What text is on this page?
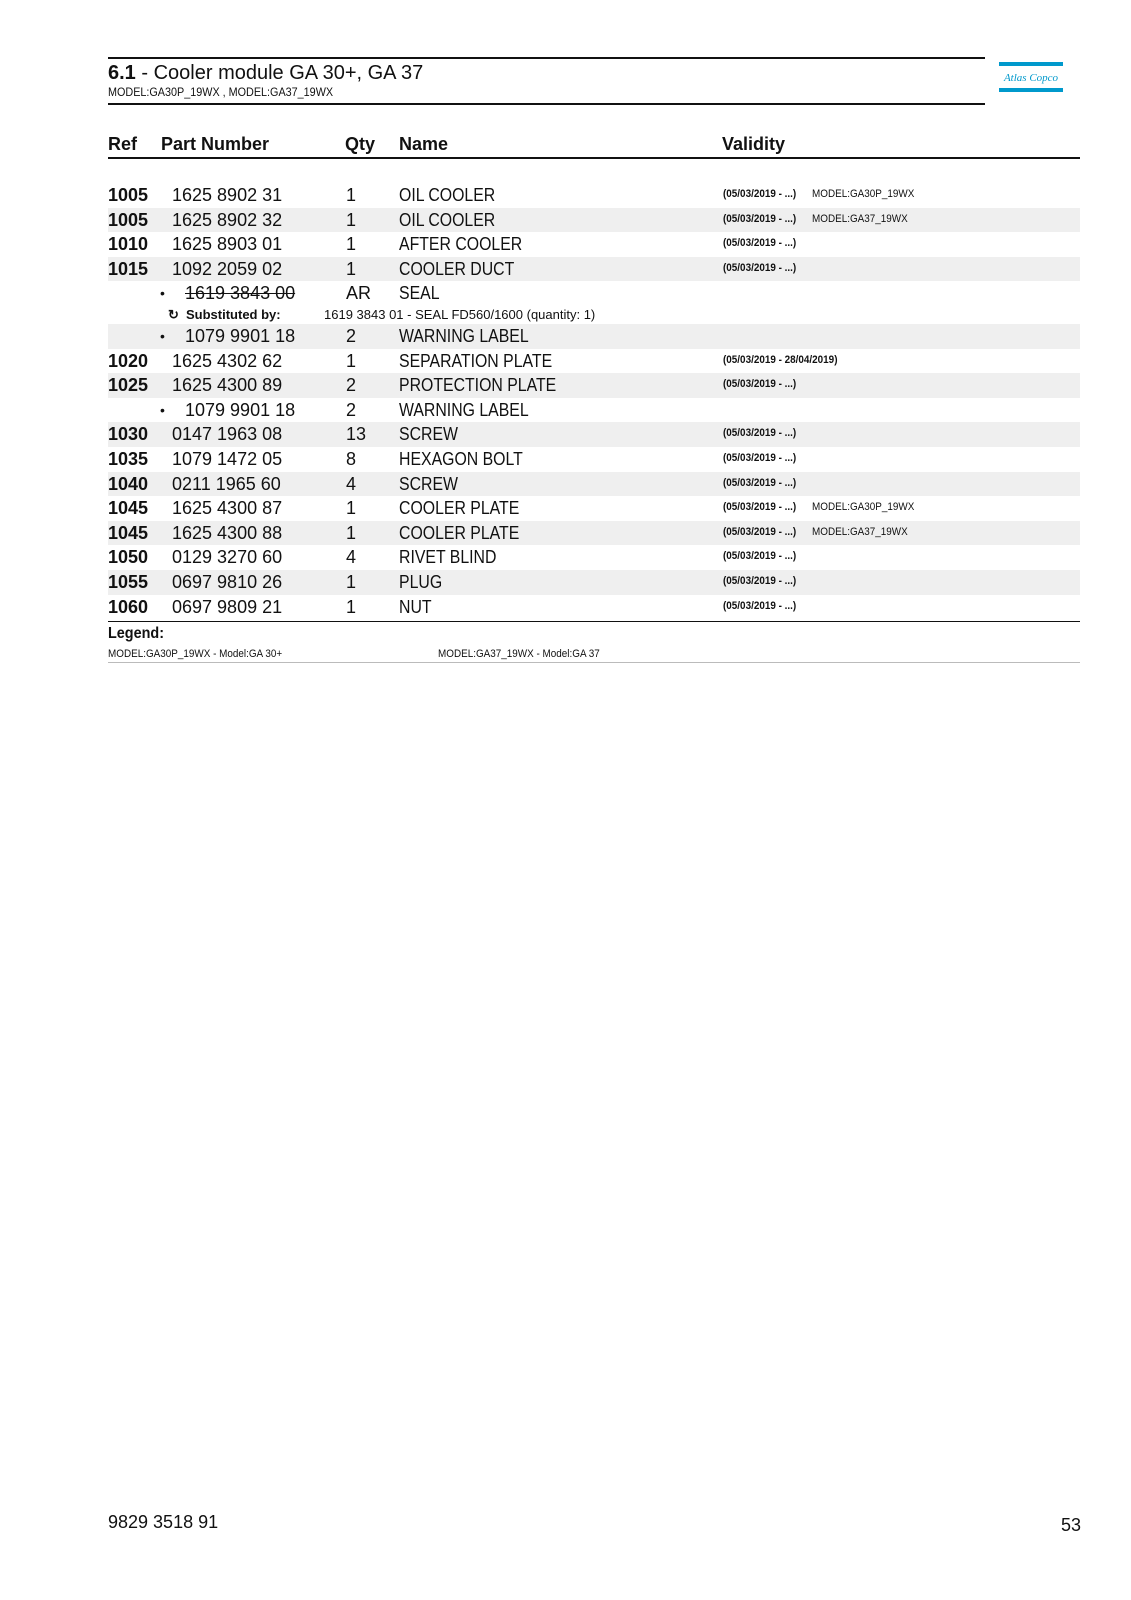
6.1 - Cooler module GA 30+, GA 37
MODEL:GA30P_19WX , MODEL:GA37_19WX
Atlas Copco
Ref Part Number	Qty Name	Validity
1005 1625 8902 31	1 OIL COOLER	(05/03/2019 - ...) MODEL:GA30P_19WX
1005 1625 8902 32	1 OIL COOLER	(05/03/2019 - ...) MODEL:GA37_19WX
1010 1625 8903 01	1 AFTER COOLER	(05/03/2019 - ...)
1015 1092 2059 02	1 COOLER DUCT	(05/03/2019 - ...)
• 1619 3843 00	AR SEAL
↻ Substituted by:	1619 3843 01 - SEAL FD560/1600 (quantity: 1)
• 1079 9901 18	2 WARNING LABEL
1020 1625 4302 62	1 SEPARATION PLATE	(05/03/2019 - 28/04/2019)
1025 1625 4300 89	2 PROTECTION PLATE	(05/03/2019 - ...)
• 1079 9901 18	2 WARNING LABEL
1030 0147 1963 08	13 SCREW	(05/03/2019 - ...)
1035 1079 1472 05	8 HEXAGON BOLT	(05/03/2019 - ...)
1040 0211 1965 60	4 SCREW	(05/03/2019 - ...)
1045 1625 4300 87	1 COOLER PLATE	(05/03/2019 - ...) MODEL:GA30P_19WX
1045 1625 4300 88	1 COOLER PLATE	(05/03/2019 - ...) MODEL:GA37_19WX
1050 0129 3270 60	4 RIVET BLIND	(05/03/2019 - ...)
1055 0697 9810 26	1 PLUG	(05/03/2019 - ...)
1060 0697 9809 21	1 NUT	(05/03/2019 - ...)
Legend:
MODEL:GA30P_19WX - Model:GA 30+	MODEL:GA37_19WX - Model:GA 37
9829 3518 91	53
